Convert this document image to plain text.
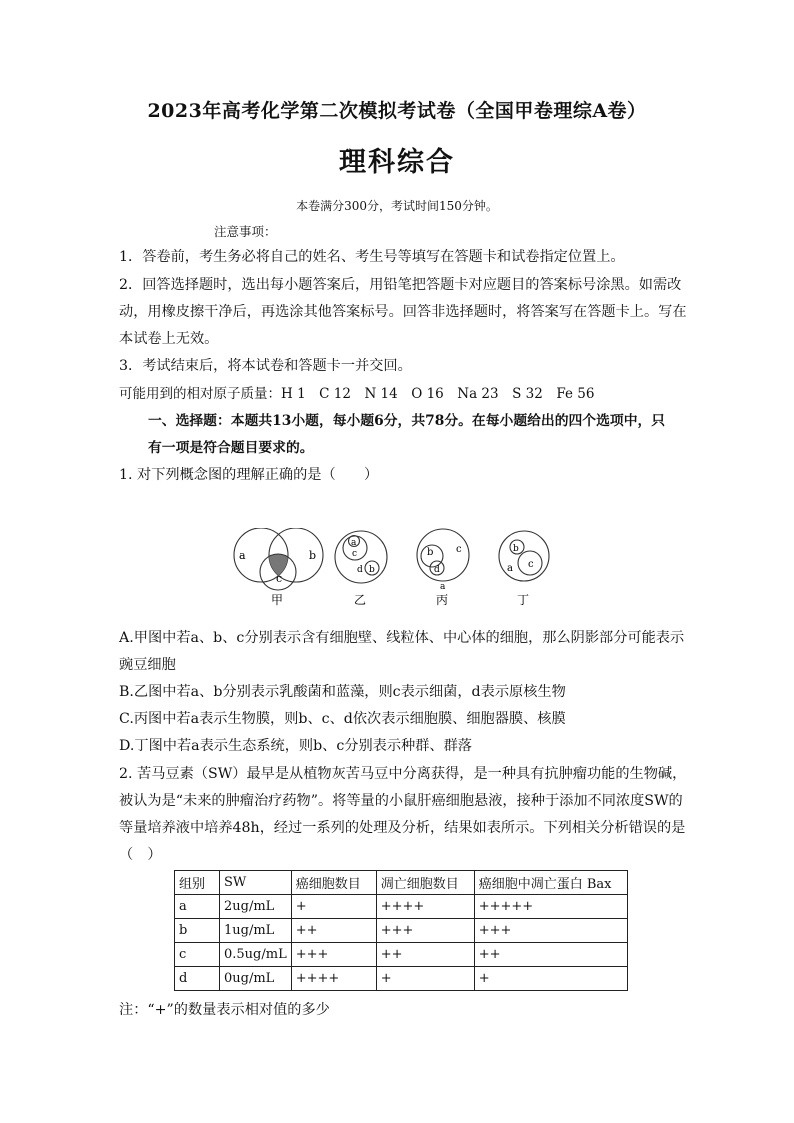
2023年高考化学第二次模拟考试卷（全国甲卷理综A卷）
理科综合
本卷满分300分，考试时间150分钟。
注意事项：
1．答卷前，考生务必将自己的姓名、考生号等填写在答题卡和试卷指定位置上。
2．回答选择题时，选出每小题答案后，用铅笔把答题卡对应题目的答案标号涂黑。如需改
动，用橡皮擦干净后，再选涂其他答案标号。回答非选择题时，将答案写在答题卡上。写在
本试卷上无效。
3．考试结束后，将本试卷和答题卡一并交回。
可能用到的相对原子质量：H 1　C 12　N 14　O 16　Na 23　S 32　Fe 56
一、选择题：本题共13小题，每小题6分，共78分。在每小题给出的四个选项中，只
有一项是符合题目要求的。
1. 对下列概念图的理解正确的是（　　）
a	b
c
a
c
d b
b c
d
a
b
c
a
甲	乙	丙	丁
A.甲图中若a、b、c分别表示含有细胞壁、线粒体、中心体的细胞，那么阴影部分可能表示
豌豆细胞
B.乙图中若a、b分别表示乳酸菌和蓝藻，则c表示细菌，d表示原核生物
C.丙图中若a表示生物膜，则b、c、d依次表示细胞膜、细胞器膜、核膜
D.丁图中若a表示生态系统，则b、c分别表示种群、群落
2. 苦马豆素（SW）最早是从植物灰苦马豆中分离获得，是一种具有抗肿瘤功能的生物碱，
被认为是“未来的肿瘤治疗药物”。将等量的小鼠肝癌细胞悬液，接种于添加不同浓度SW的
等量培养液中培养48h，经过一系列的处理及分析，结果如表所示。下列相关分析错误的是
（　）
组别	SW	癌细胞数目	凋亡细胞数目	癌细胞中凋亡蛋白 Bax
a	2ug/mL	+	++++	+++++
b	1ug/mL	++	+++	+++
c	0.5ug/mL	+++	++	++
d	0ug/mL	++++	+	+
注：“+”的数量表示相对值的多少
